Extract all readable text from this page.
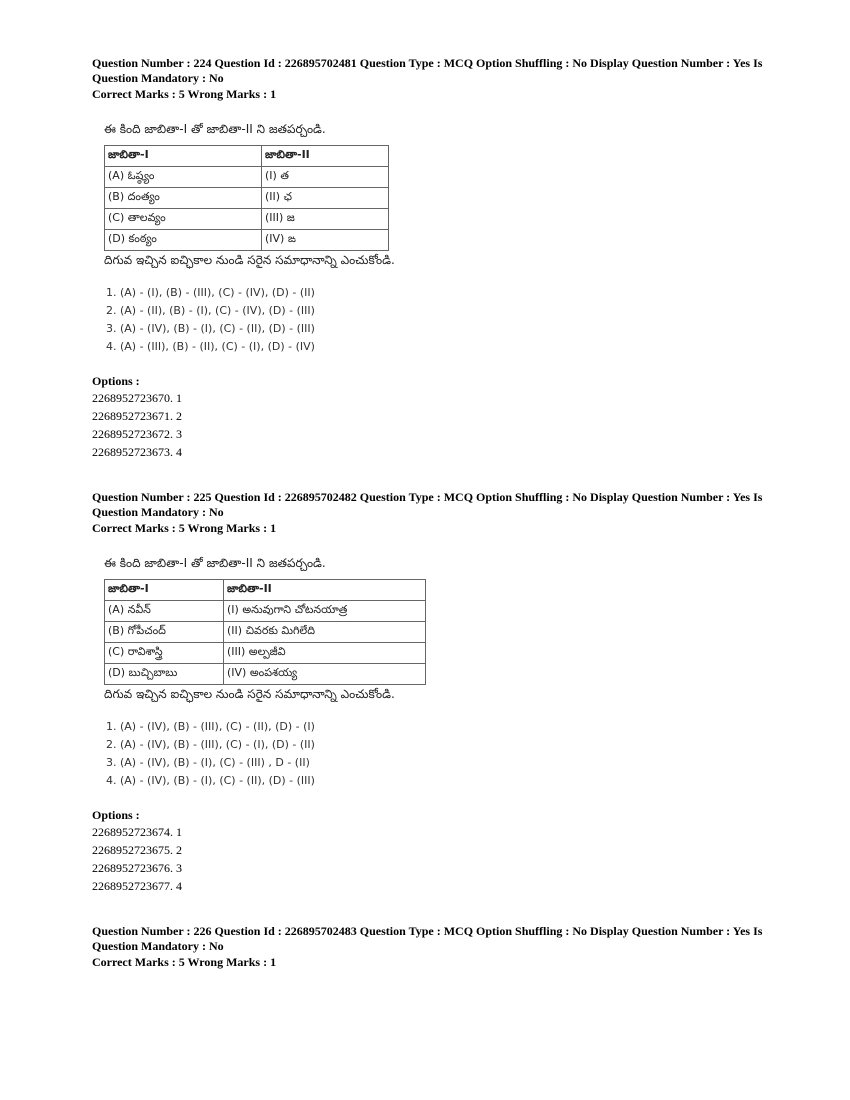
Question Number : 224 Question Id : 226895702481 Question Type : MCQ Option Shuffling : No Display Question Number : Yes Is
Question Mandatory : No
Correct Marks : 5 Wrong Marks : 1
ఈ కింది జాబితా-I తో జాబితా-II ని జతపర్చండి.
జాబితా-I	జాబితా-II
(A) ఓష్ఠ్యం	(I) త
(B) దంత్యం	(II) ఛ
(C) తాలవ్యం	(III) జ
(D) కంఠ్యం	(IV) ఙ
దిగువ ఇచ్చిన ఐచ్ఛికాల నుండి సరైన సమాధానాన్ని ఎంచుకోండి.
1. (A) - (I), (B) - (III), (C) - (IV), (D) - (II)
2. (A) - (II), (B) - (I), (C) - (IV), (D) - (III)
3. (A) - (IV), (B) - (I), (C) - (II), (D) - (III)
4. (A) - (III), (B) - (II), (C) - (I), (D) - (IV)
Options :
2268952723670. 1
2268952723671. 2
2268952723672. 3
2268952723673. 4
Question Number : 225 Question Id : 226895702482 Question Type : MCQ Option Shuffling : No Display Question Number : Yes Is
Question Mandatory : No
Correct Marks : 5 Wrong Marks : 1
ఈ కింది జాబితా-I తో జాబితా-II ని జతపర్చండి.
జాబితా-I	జాబితా-II
(A) నవీన్	(I) అనువుగాని చోటనయాత్ర
(B) గోపీచంద్	(II) చివరకు మిగిలేది
(C) రావిశాస్త్రి	(III) అల్పజీవి
(D) బుచ్చిబాబు	(IV) అంపశయ్య
దిగువ ఇచ్చిన ఐచ్ఛికాల నుండి సరైన సమాధానాన్ని ఎంచుకోండి.
1. (A) - (IV), (B) - (III), (C) - (II), (D) - (I)
2. (A) - (IV), (B) - (III), (C) - (I), (D) - (II)
3. (A) - (IV), (B) - (I), (C) - (III) , D - (II)
4. (A) - (IV), (B) - (I), (C) - (II), (D) - (III)
Options :
2268952723674. 1
2268952723675. 2
2268952723676. 3
2268952723677. 4
Question Number : 226 Question Id : 226895702483 Question Type : MCQ Option Shuffling : No Display Question Number : Yes Is
Question Mandatory : No
Correct Marks : 5 Wrong Marks : 1
